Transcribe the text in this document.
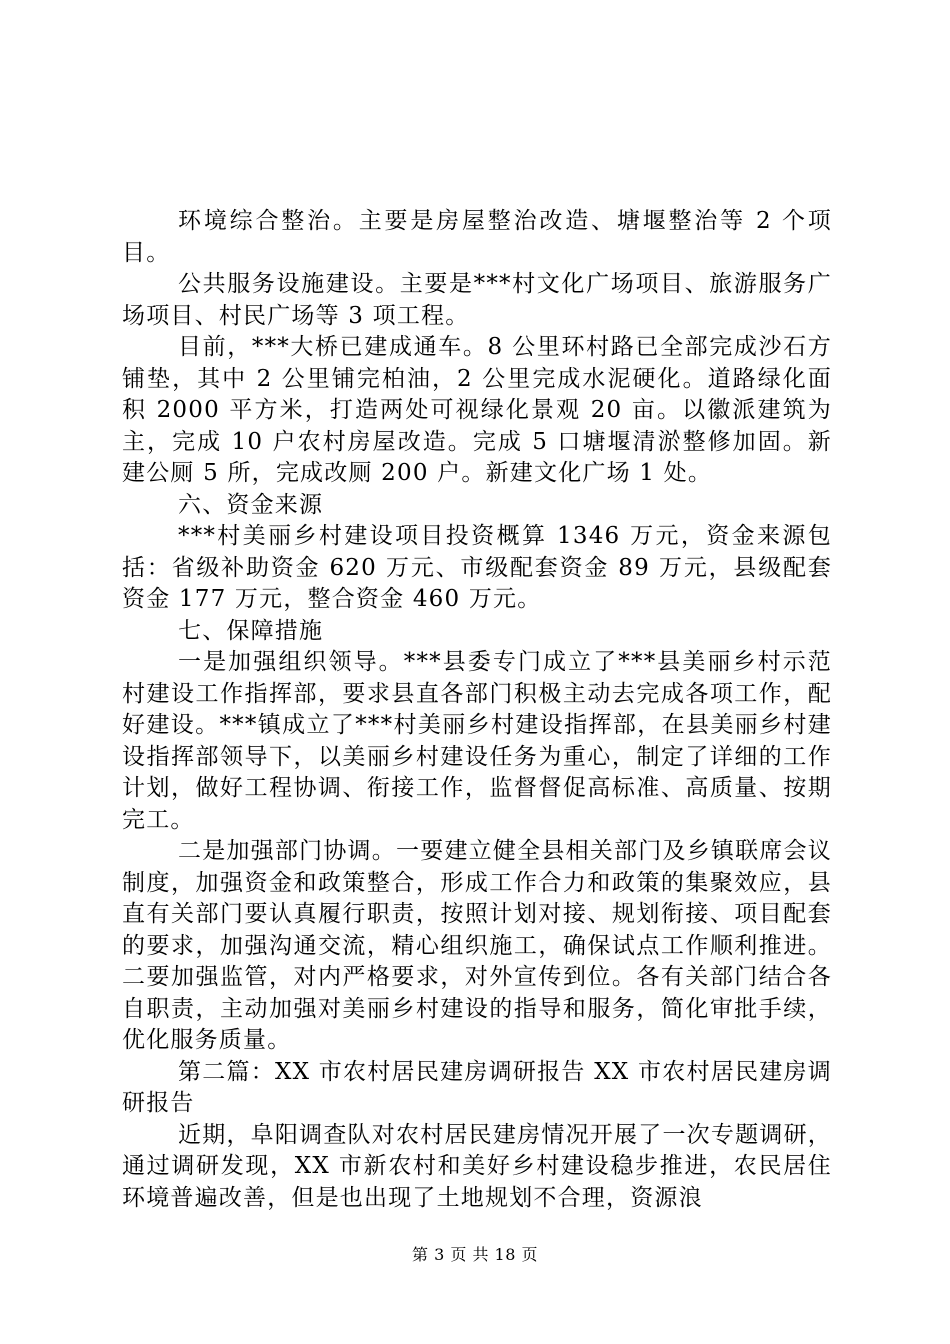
环境综合整治。主要是房屋整治改造、塘堰整治等 2 个项目。

公共服务设施建设。主要是***村文化广场项目、旅游服务广场项目、村民广场等 3 项工程。

目前，***大桥已建成通车。8 公里环村路已全部完成沙石方铺垫，其中 2 公里铺完柏油，2 公里完成水泥硬化。道路绿化面积 2000 平方米，打造两处可视绿化景观 20 亩。以徽派建筑为主，完成 10 户农村房屋改造。完成 5 口塘堰清淤整修加固。新建公厕 5 所，完成改厕 200 户。新建文化广场 1 处。

六、资金来源

***村美丽乡村建设项目投资概算 1346 万元，资金来源包括：省级补助资金 620 万元、市级配套资金 89 万元，县级配套资金 177 万元，整合资金 460 万元。

七、保障措施

一是加强组织领导。***县委专门成立了***县美丽乡村示范村建设工作指挥部，要求县直各部门积极主动去完成各项工作，配好建设。***镇成立了***村美丽乡村建设指挥部，在县美丽乡村建设指挥部领导下，以美丽乡村建设任务为重心，制定了详细的工作计划，做好工程协调、衔接工作，监督督促高标准、高质量、按期完工。

二是加强部门协调。一要建立健全县相关部门及乡镇联席会议制度，加强资金和政策整合，形成工作合力和政策的集聚效应，县直有关部门要认真履行职责，按照计划对接、规划衔接、项目配套的要求，加强沟通交流，精心组织施工，确保试点工作顺利推进。二要加强监管，对内严格要求，对外宣传到位。各有关部门结合各自职责，主动加强对美丽乡村建设的指导和服务，简化审批手续，优化服务质量。

第二篇：XX 市农村居民建房调研报告 XX 市农村居民建房调研报告

近期，阜阳调查队对农村居民建房情况开展了一次专题调研，通过调研发现，XX 市新农村和美好乡村建设稳步推进，农民居住环境普遍改善，但是也出现了土地规划不合理，资源浪

第 3 页 共 18 页
